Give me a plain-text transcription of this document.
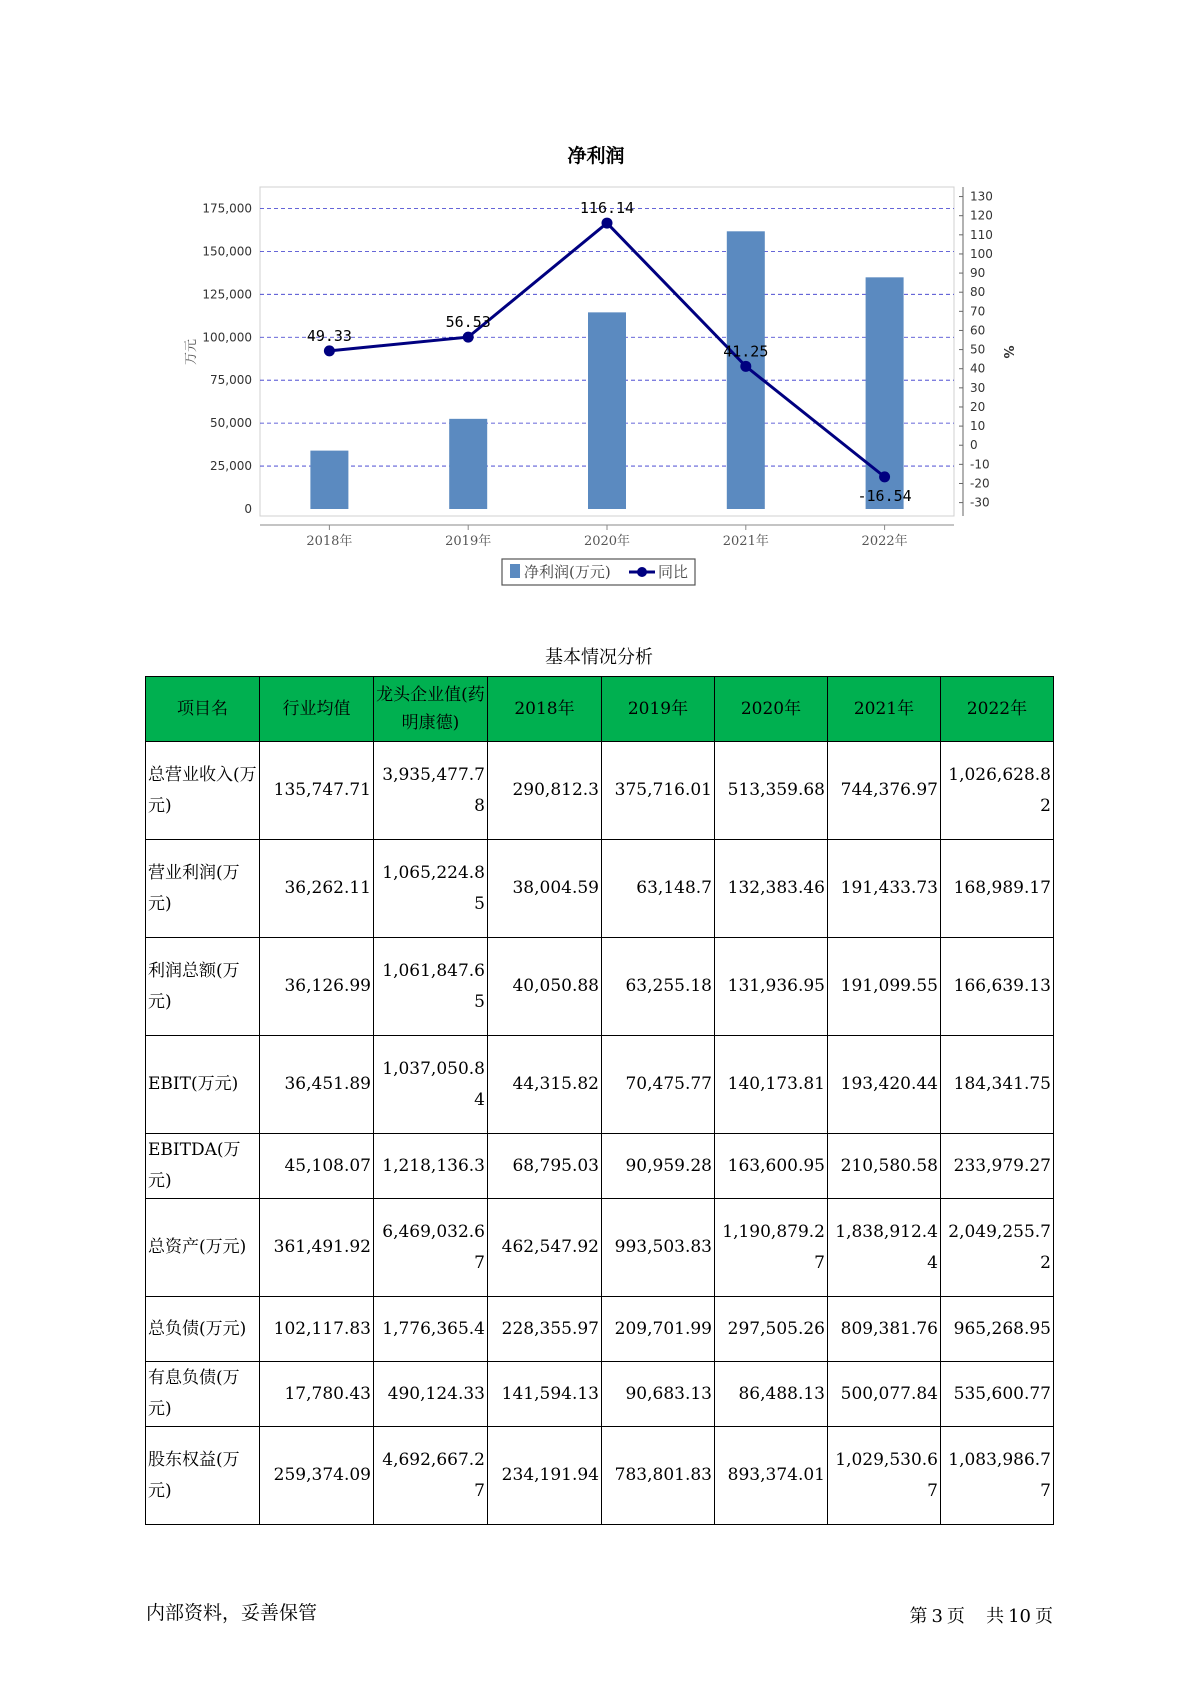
净利润
175,000
150,000
125,000
100,000
75,000
50,000
25,000
0
130
120
110
100
90
80
70
60
50
40
30
20
10
0
-10
-20
-30
2018年	2019年	2020年	2021年	2022年
49.33
56.53
116.14
41.25
-16.54
万元	%
净利润(万元)	同比
基本情况分析
项目名	行业均值	龙头企业值(药明康德)	2018年	2019年	2020年	2021年	2022年
总营业收入(万元)	135,747.71	3,935,477.78	290,812.3	375,716.01	513,359.68	744,376.97	1,026,628.82
营业利润(万元)	36,262.11	1,065,224.85	38,004.59	63,148.7	132,383.46	191,433.73	168,989.17
利润总额(万元)	36,126.99	1,061,847.65	40,050.88	63,255.18	131,936.95	191,099.55	166,639.13
EBIT(万元)	36,451.89	1,037,050.84	44,315.82	70,475.77	140,173.81	193,420.44	184,341.75
EBITDA(万元)	45,108.07	1,218,136.3	68,795.03	90,959.28	163,600.95	210,580.58	233,979.27
总资产(万元)	361,491.92	6,469,032.67	462,547.92	993,503.83	1,190,879.27	1,838,912.44	2,049,255.72
总负债(万元)	102,117.83	1,776,365.4	228,355.97	209,701.99	297,505.26	809,381.76	965,268.95
有息负债(万元)	17,780.43	490,124.33	141,594.13	90,683.13	86,488.13	500,077.84	535,600.77
股东权益(万元)	259,374.09	4,692,667.27	234,191.94	783,801.83	893,374.01	1,029,530.67	1,083,986.77
内部资料，妥善保管	第 3 页 共 10 页
